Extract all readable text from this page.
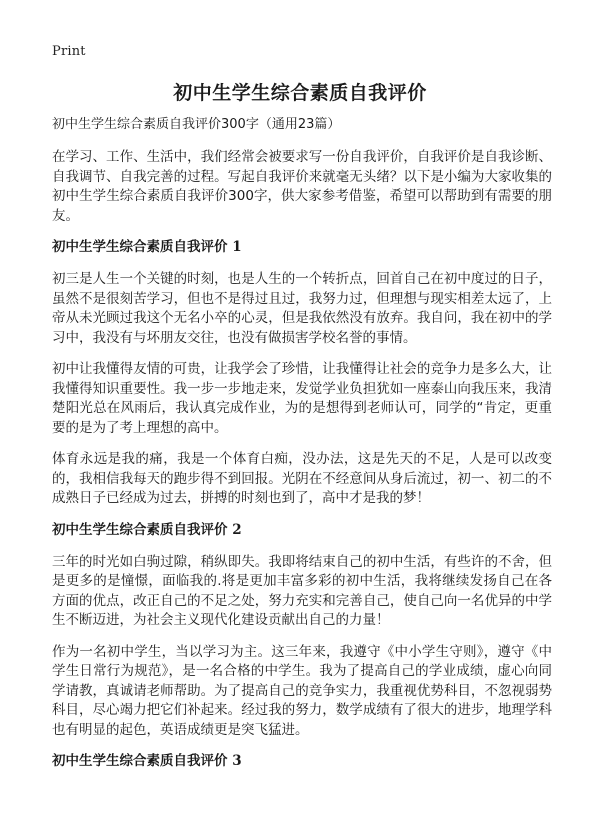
Print
初中生学生综合素质自我评价

初中生学生综合素质自我评价300字（通用23篇）

在学习、工作、生活中，我们经常会被要求写一份自我评价，自我评价是自我诊断、自我调节、自我完善的过程。写起自我评价来就毫无头绪？以下是小编为大家收集的初中生学生综合素质自我评价300字，供大家参考借鉴，希望可以帮助到有需要的朋友。

初中生学生综合素质自我评价 1

初三是人生一个关键的时刻，也是人生的一个转折点，回首自己在初中度过的日子，虽然不是很刻苦学习，但也不是得过且过，我努力过，但理想与现实相差太远了，上帝从未光顾过我这个无名小卒的心灵，但是我依然没有放弃。我自问，我在初中的学习中，我没有与坏朋友交往，也没有做损害学校名誉的事情。

初中让我懂得友情的可贵，让我学会了珍惜，让我懂得让社会的竞争力是多么大，让我懂得知识重要性。我一步一步地走来，发觉学业负担犹如一座泰山向我压来，我清楚阳光总在风雨后，我认真完成作业，为的是想得到老师认可，同学的“肯定，更重要的是为了考上理想的高中。

体育永远是我的痛，我是一个体育白痴，没办法，这是先天的不足，人是可以改变的，我相信我每天的跑步得不到回报。光阴在不经意间从身后流过，初一、初二的不成熟日子已经成为过去，拼搏的时刻也到了，高中才是我的梦！

初中生学生综合素质自我评价 2

三年的时光如白驹过隙，稍纵即失。我即将结束自己的初中生活，有些许的不舍，但是更多的是憧憬，面临我的.将是更加丰富多彩的初中生活，我将继续发扬自己在各方面的优点，改正自己的不足之处，努力充实和完善自己，使自己向一名优异的中学生不断迈进，为社会主义现代化建设贡献出自己的力量！

作为一名初中学生，当以学习为主。这三年来，我遵守《中小学生守则》，遵守《中学生日常行为规范》，是一名合格的中学生。我为了提高自己的学业成绩，虚心向同学请教，真诚请老师帮助。为了提高自己的竞争实力，我重视优势科目，不忽视弱势科目，尽心竭力把它们补起来。经过我的努力，数学成绩有了很大的进步，地理学科也有明显的起色，英语成绩更是突飞猛进。

初中生学生综合素质自我评价 3
